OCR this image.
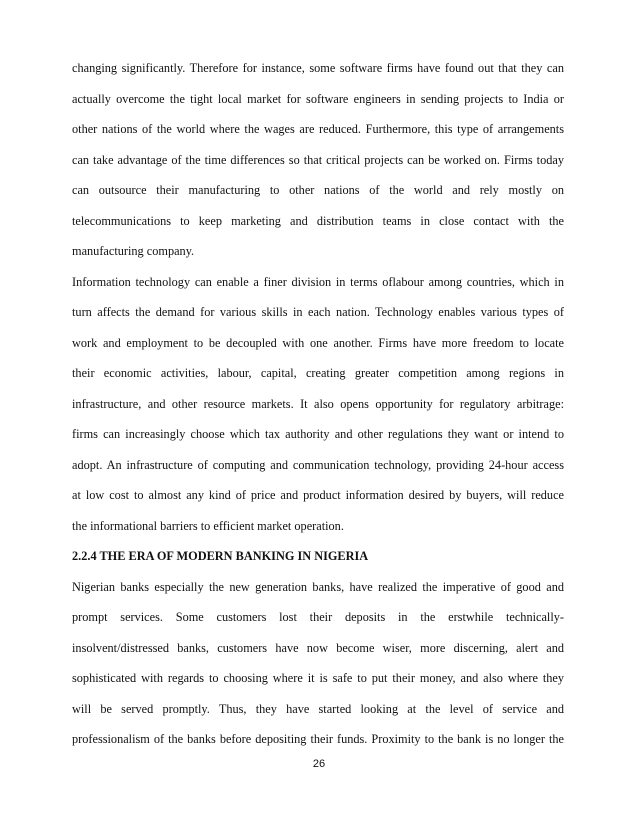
changing significantly. Therefore for instance, some software firms have found out that they can
actually overcome the tight local market for software engineers in sending projects to India or
other nations of the world where the wages are reduced. Furthermore, this type of arrangements
can take advantage of the time differences so that critical projects can be worked on. Firms today
can outsource their manufacturing to other nations of the world and rely mostly on
telecommunications to keep marketing and distribution teams in close contact with the
manufacturing company.
Information technology can enable a finer division in terms oflabour among countries, which in
turn affects the demand for various skills in each nation. Technology enables various types of
work and employment to be decoupled with one another. Firms have more freedom to locate
their economic activities, labour, capital, creating greater competition among regions in
infrastructure, and other resource markets. It also opens opportunity for regulatory arbitrage:
firms can increasingly choose which tax authority and other regulations they want or intend to
adopt. An infrastructure of computing and communication technology, providing 24-hour access
at low cost to almost any kind of price and product information desired by buyers, will reduce
the informational barriers to efficient market operation.
2.2.4 THE ERA OF MODERN BANKING IN NIGERIA
Nigerian banks especially the new generation banks, have realized the imperative of good and
prompt services. Some customers lost their deposits in the erstwhile technically-
insolvent/distressed banks, customers have now become wiser, more discerning, alert and
sophisticated with regards to choosing where it is safe to put their money, and also where they
will be served promptly. Thus, they have started looking at the level of service and
professionalism of the banks before depositing their funds. Proximity to the bank is no longer the
26
